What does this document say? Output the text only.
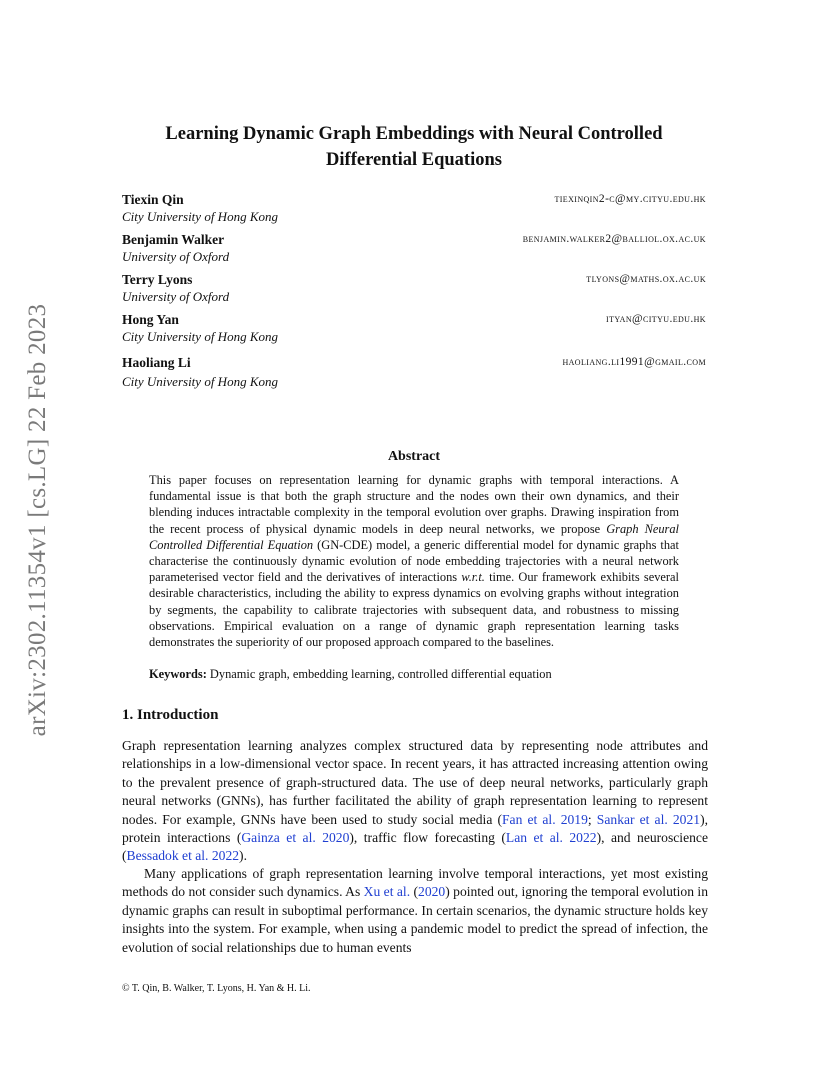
arXiv:2302.11354v1 [cs.LG] 22 Feb 2023
Learning Dynamic Graph Embeddings with Neural Controlled
Differential Equations
Tiexin Qin
City University of Hong Kong
tiexinqin2-c@my.cityu.edu.hk
Benjamin Walker
University of Oxford
benjamin.walker2@balliol.ox.ac.uk
Terry Lyons
University of Oxford
tlyons@maths.ox.ac.uk
Hong Yan
City University of Hong Kong
ityan@cityu.edu.hk
Haoliang Li
City University of Hong Kong
haoliang.li1991@gmail.com
Abstract

This paper focuses on representation learning for dynamic graphs with temporal interactions. A fundamental issue is that both the graph structure and the nodes own their own dynamics, and their blending induces intractable complexity in the temporal evolution over graphs. Drawing inspiration from the recent process of physical dynamic models in deep neural networks, we propose Graph Neural Controlled Differential Equation (GN-CDE) model, a generic differential model for dynamic graphs that characterise the continuously dynamic evolution of node embedding trajectories with a neural network parameterised vector field and the derivatives of interactions w.r.t. time. Our framework exhibits several desirable characteristics, including the ability to express dynamics on evolving graphs without integration by segments, the capability to calibrate trajectories with subsequent data, and robustness to missing observations. Empirical evaluation on a range of dynamic graph representation learning tasks demonstrates the superiority of our proposed approach compared to the baselines.

Keywords: Dynamic graph, embedding learning, controlled differential equation

1. Introduction

Graph representation learning analyzes complex structured data by representing node attributes and relationships in a low-dimensional vector space. In recent years, it has attracted increasing attention owing to the prevalent presence of graph-structured data. The use of deep neural networks, particularly graph neural networks (GNNs), has further facilitated the ability of graph representation learning to represent nodes. For example, GNNs have been used to study social media (Fan et al. 2019; Sankar et al. 2021), protein interactions (Gainza et al. 2020), traffic flow forecasting (Lan et al. 2022), and neuroscience (Bessadok et al. 2022).

Many applications of graph representation learning involve temporal interactions, yet most existing methods do not consider such dynamics. As Xu et al. (2020) pointed out, ignoring the temporal evolution in dynamic graphs can result in suboptimal performance. In certain scenarios, the dynamic structure holds key insights into the system. For example, when using a pandemic model to predict the spread of infection, the evolution of social relationships due to human events

© T. Qin, B. Walker, T. Lyons, H. Yan & H. Li.
